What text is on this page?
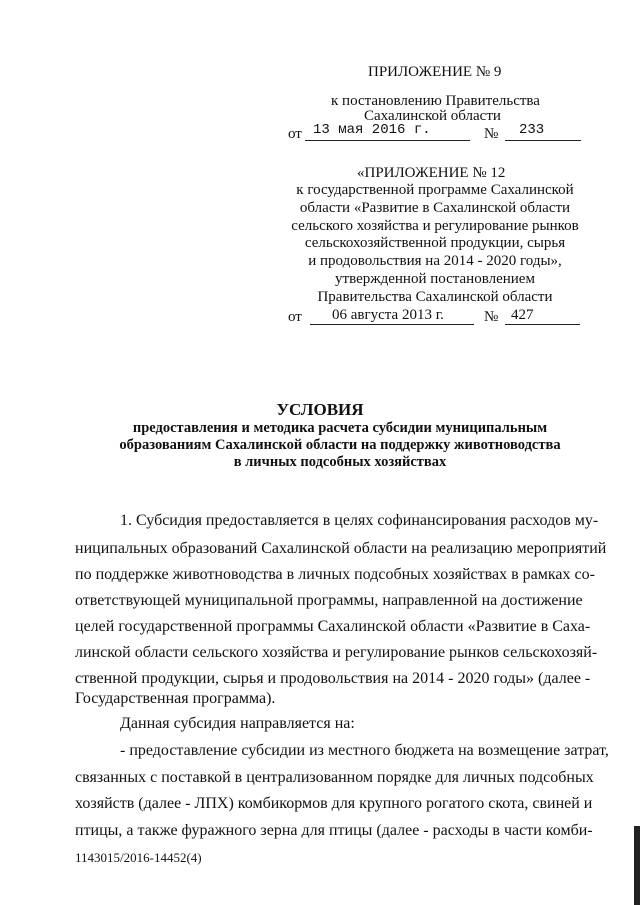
ПРИЛОЖЕНИЕ № 9
к постановлению Правительства
Сахалинской области
от 13 мая 2016 г.	№ 233
«ПРИЛОЖЕНИЕ № 12
к государственной программе Сахалинской
области «Развитие в Сахалинской области
сельского хозяйства и регулирование рынков
сельскохозяйственной продукции, сырья
и продовольствия на 2014 - 2020 годы»,
утвержденной постановлением
Правительства Сахалинской области
от 06 августа 2013 г.	№ 427
УСЛОВИЯ
предоставления и методика расчета субсидии муниципальным
образованиям Сахалинской области на поддержку животноводства
в личных подсобных хозяйствах
1. Субсидия предоставляется в целях софинансирования расходов му-
ниципальных образований Сахалинской области на реализацию мероприятий
по поддержке животноводства в личных подсобных хозяйствах в рамках со-
ответствующей муниципальной программы, направленной на достижение
целей государственной программы Сахалинской области «Развитие в Саха-
линской области сельского хозяйства и регулирование рынков сельскохозяй-
ственной продукции, сырья и продовольствия на 2014 - 2020 годы» (далее -
Государственная программа).
Данная субсидия направляется на:
- предоставление субсидии из местного бюджета на возмещение затрат,
связанных с поставкой в централизованном порядке для личных подсобных
хозяйств (далее - ЛПХ) комбикормов для крупного рогатого скота, свиней и
птицы, а также фуражного зерна для птицы (далее - расходы в части комби-
1143015/2016-14452(4)
